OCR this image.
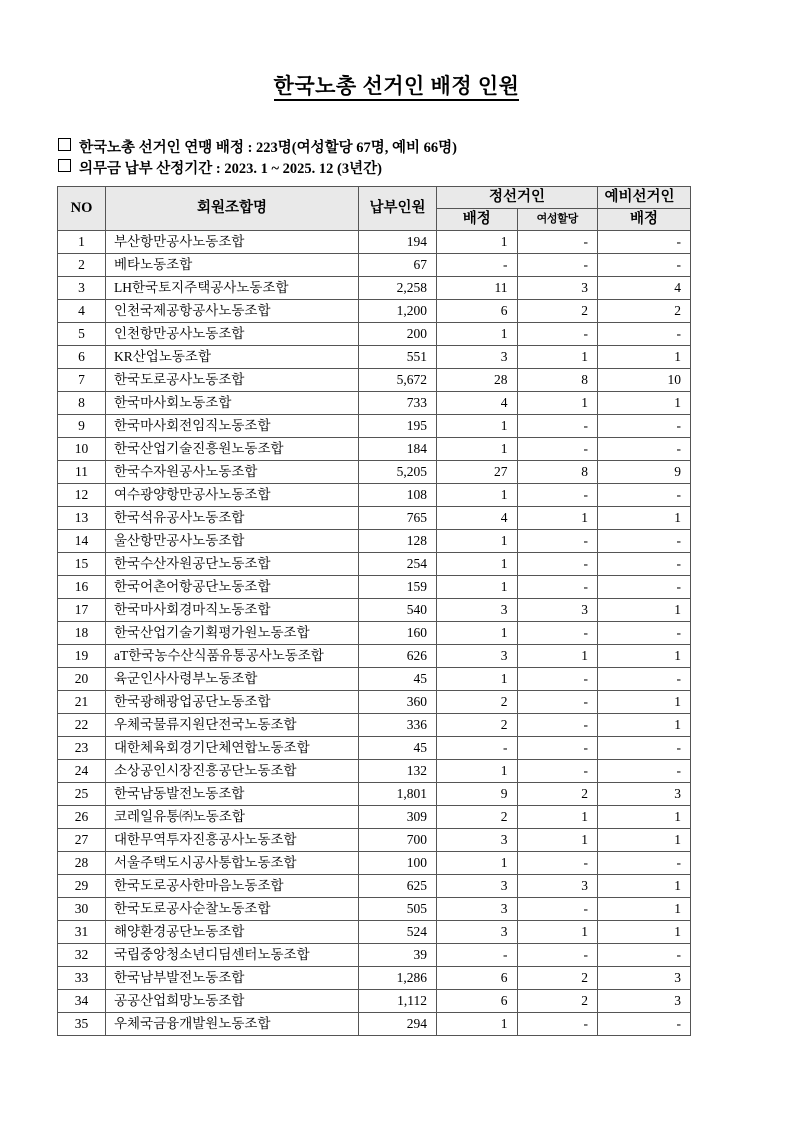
한국노총 선거인 배정 인원
한국노총 선거인 연맹 배정 : 223명(여성할당 67명, 예비 66명)
의무금 납부 산정기간 : 2023. 1 ~ 2025. 12 (3년간)
NO	회원조합명	납부인원	정선거인		예비선거인
			배정	여성할당	배정
1	부산항만공사노동조합	194	1	-	-
2	베타노동조합	67	-	-	-
3	LH한국토지주택공사노동조합	2,258	11	3	4
4	인천국제공항공사노동조합	1,200	6	2	2
5	인천항만공사노동조합	200	1	-	-
6	KR산업노동조합	551	3	1	1
7	한국도로공사노동조합	5,672	28	8	10
8	한국마사회노동조합	733	4	1	1
9	한국마사회전임직노동조합	195	1	-	-
10	한국산업기술진흥원노동조합	184	1	-	-
11	한국수자원공사노동조합	5,205	27	8	9
12	여수광양항만공사노동조합	108	1	-	-
13	한국석유공사노동조합	765	4	1	1
14	울산항만공사노동조합	128	1	-	-
15	한국수산자원공단노동조합	254	1	-	-
16	한국어촌어항공단노동조합	159	1	-	-
17	한국마사회경마직노동조합	540	3	3	1
18	한국산업기술기획평가원노동조합	160	1	-	-
19	aT한국농수산식품유통공사노동조합	626	3	1	1
20	육군인사사령부노동조합	45	1	-	-
21	한국광해광업공단노동조합	360	2	-	1
22	우체국물류지원단전국노동조합	336	2	-	1
23	대한체육회경기단체연합노동조합	45	-	-	-
24	소상공인시장진흥공단노동조합	132	1	-	-
25	한국남동발전노동조합	1,801	9	2	3
26	코레일유통㈜노동조합	309	2	1	1
27	대한무역투자진흥공사노동조합	700	3	1	1
28	서울주택도시공사통합노동조합	100	1	-	-
29	한국도로공사한마음노동조합	625	3	3	1
30	한국도로공사순찰노동조합	505	3	-	1
31	해양환경공단노동조합	524	3	1	1
32	국립중앙청소년디딤센터노동조합	39	-	-	-
33	한국남부발전노동조합	1,286	6	2	3
34	공공산업희망노동조합	1,112	6	2	3
35	우체국금융개발원노동조합	294	1	-	-
